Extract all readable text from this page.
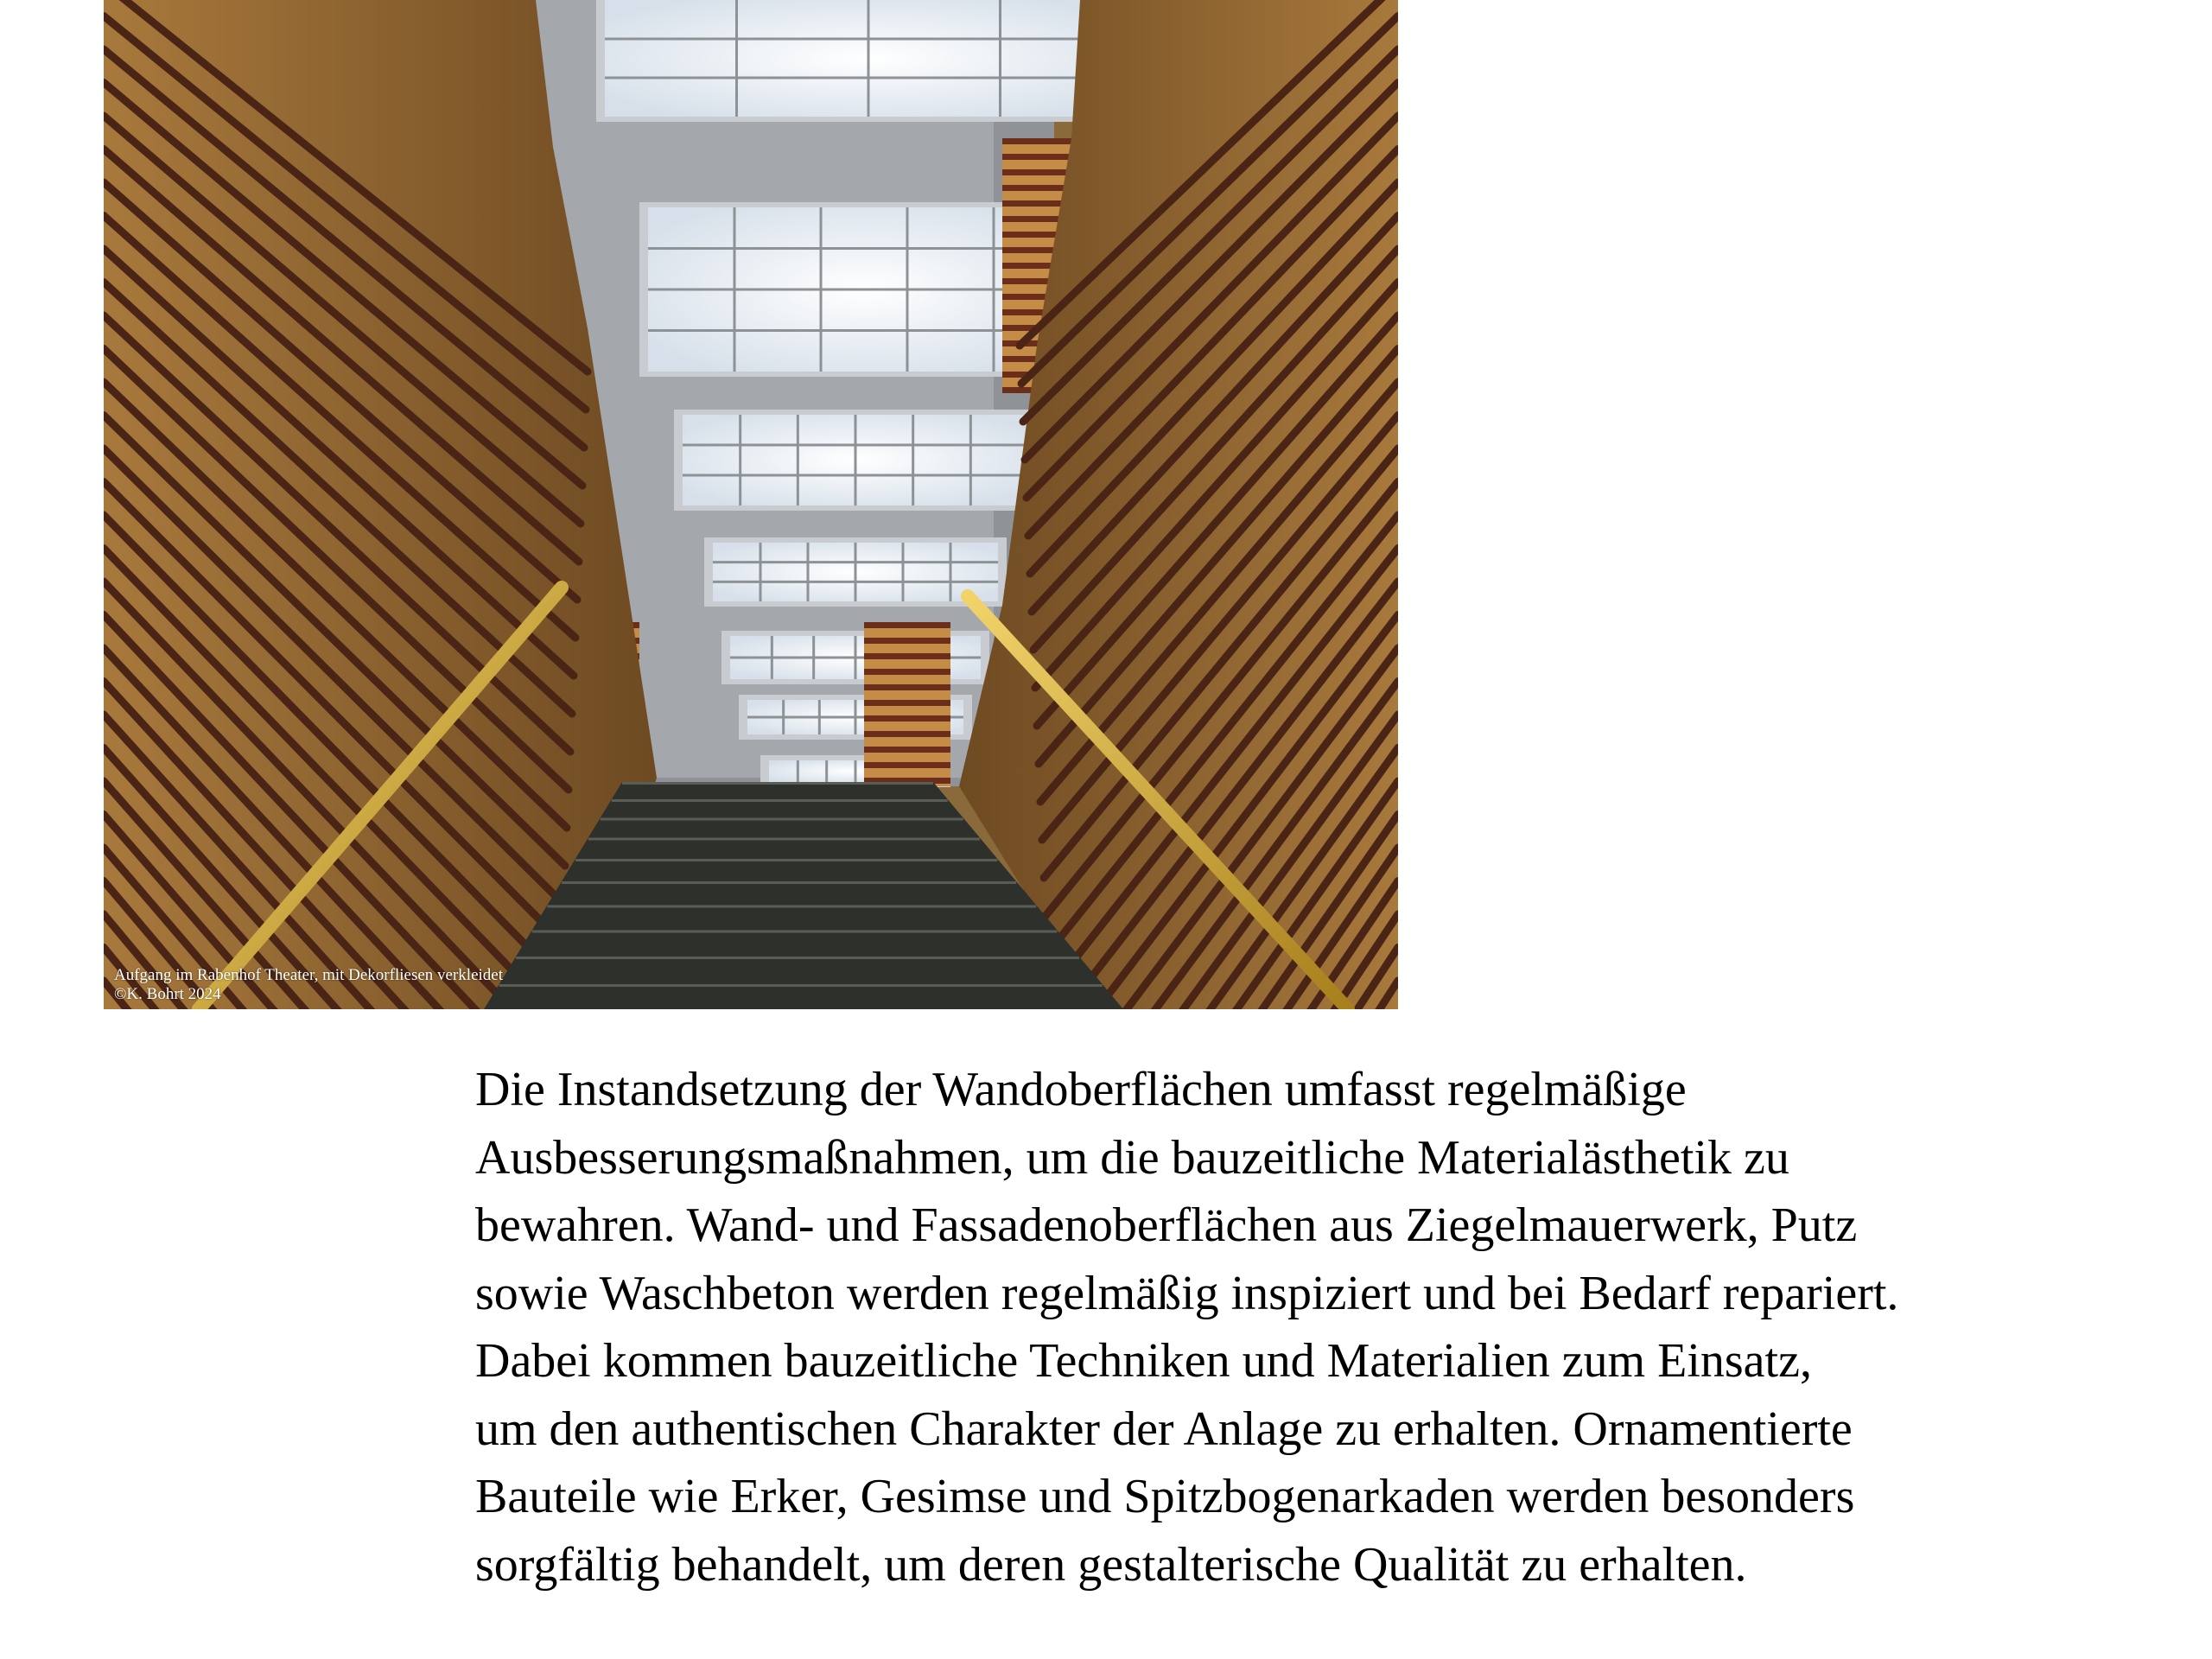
Aufgang im Rabenhof Theater, mit Dekorfliesen verkleidet
©K. Bohrt 2024
Die Instandsetzung der Wandoberflächen umfasst regelmäßige
Ausbesserungsmaßnahmen, um die bauzeitliche Materialästhetik zu
bewahren. Wand- und Fassadenoberflächen aus Ziegelmauerwerk, Putz
sowie Waschbeton werden regelmäßig inspiziert und bei Bedarf repariert.
Dabei kommen bauzeitliche Techniken und Materialien zum Einsatz,
um den authentischen Charakter der Anlage zu erhalten. Ornamentierte
Bauteile wie Erker, Gesimse und Spitzbogenarkaden werden besonders
sorgfältig behandelt, um deren gestalterische Qualität zu erhalten.
